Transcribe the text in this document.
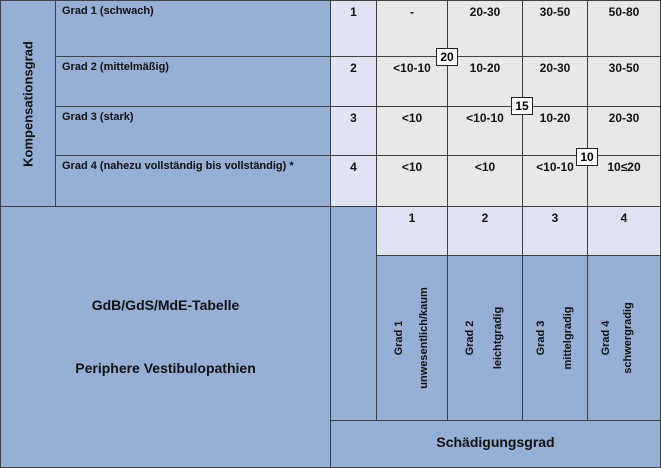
Kompensationsgrad
Grad 1 (schwach)	1	-	20-30	30-50	50-80
Grad 2 (mittelmäßig)	2	<10-10	10-20	20-30	30-50
Grad 3 (stark)	3	<10	<10-10	10-20	20-30
Grad 4 (nahezu vollständig bis vollständig) *	4	<10	<10	<10-10	10≤20
20
15
10
GdB/GdS/MdE-Tabelle
Periphere Vestibulopathien
1	2	3	4
Grad 1 unwesentlich/kaum	Grad 2 leichtgradig	Grad 3 mittelgradig Grad 4 schwergradig
Schädigungsgrad
